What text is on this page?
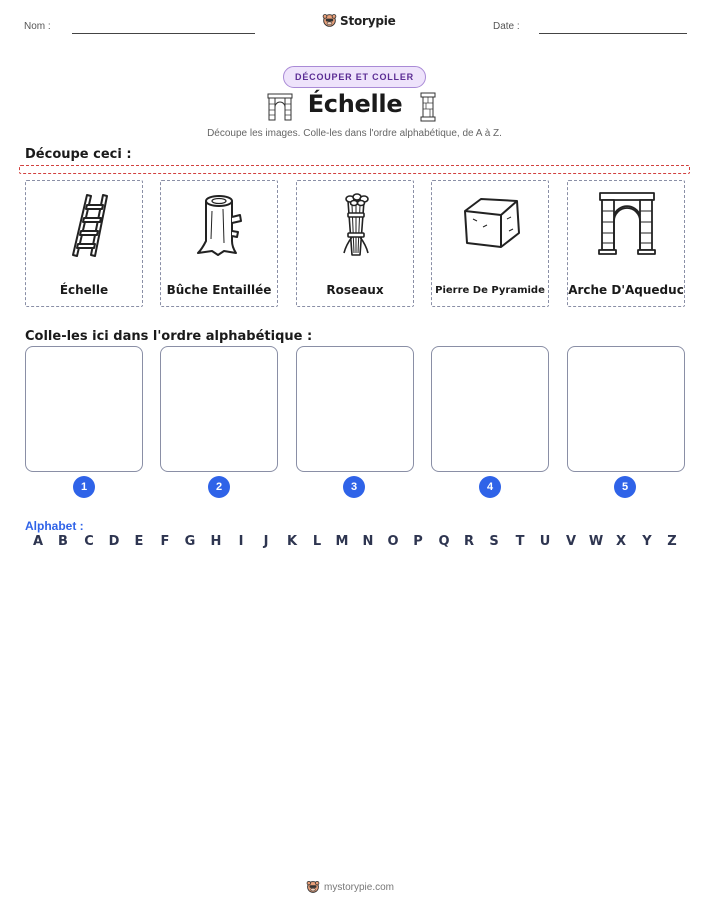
Nom :	Storypie	Date :
DÉCOUPER ET COLLER
Échelle
Découpe les images. Colle-les dans l'ordre alphabétique, de A à Z.
Découpe ceci :
Échelle	Bûche Entaillée	Roseaux	Pierre De Pyramide Arche D'Aqueduc
Colle-les ici dans l'ordre alphabétique :
1	2	3	4	5
Alphabet :
A	B	C	D	E	F	G H	I	J	K	L	M N O	P	Q	R	S	T	U	V W X	Y	Z
mystorypie.com
